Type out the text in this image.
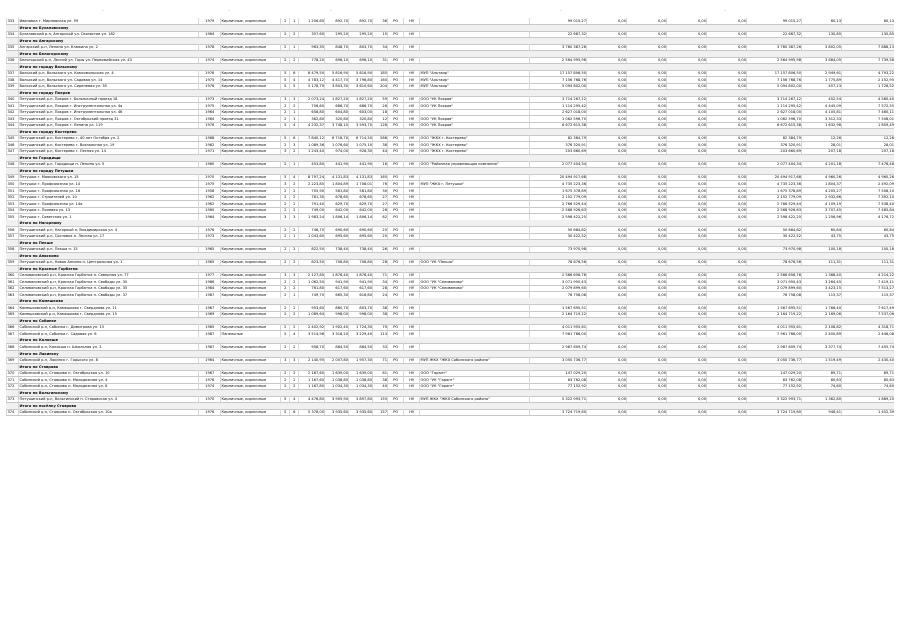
.	.	.	.	.
333	Ивановка г. Мирновская ул. 59	1979	Кирпичные, кирпичные	2	1	1 256,80	892,70	892,70	36	РО	НУ	99 015,27	0,00	0,00	0,00	0,00	99 015,27	60,13	60,13
Итого по Бухаловскому
334	Бухаловский р-н, Ангарской ул. Связистов ул. 182	1964	Кирпичные, кирпичные	2	2	357,60	295,20	295,20	15	РО	НУ	22 687,32	0,00	0,00	0,00	0,00	22 687,32	130,85	130,85
Итого по Ангарскому
335	Ангарский р-н, Ленина ул. Клюкина ул. 2	1978	Кирпичные, кирпичные	2	1	963,35	848,70	803,70	34	РО	НУ	3 760 387,26	0,00	0,00	0,00	0,00	3 760 387,26	3 802,05	7 888,13
Итого по Белогорскому
336	Белогорский р-н, Лесной ул. Горы ул. Первомайская ул. 43	1974	Кирпичные, кирпичные	2	2	778,20	696,10	696,10	31	РО	НУ	2 564 995,98	0,00	0,00	0,00	0,00	2 564 995,98	3 684,05	7 739,58
Итого по городу Вольскому
337	Вольский р-н, Вольского ул. Комсомольская ул. 4	1976	Кирпичные, кирпичные	5	6	6 479,50	5 816,90	5 816,90	185	РО	НУ	МУП "Альтаир"	17 157 806,50	0,00	0,00	0,00	0,00	17 157 806,50	2 949,61	4 793,22
338	Вольский р-н, Вольского ул. Садовая ул. 14	1975	Кирпичные, кирпичные	5	4	4 783,12	4 417,70	3 796,80	160	РО	НУ	МУП "Альтаир"	7 156 768,76	0,00	0,00	0,00	0,00	7 156 768,76	1 775,89	2 152,95
339	Вольский р-н, Вольского ул. Сиреневая ул. 35	1976	Кирпичные, кирпичные	5	5	5 178,79	3 803,30	3 610,60	204	РО	НУ	МУП "Альтаир"	5 094 802,00	0,00	0,00	0,00	0,00	5 094 802,00	457,13	1 728,52
Итого по городу Покров
340	Петушинский р-н, Покров г. Больничный проезд 18	1973	Кирпичные, кирпичные	3	3	2 073,24	1 827,20	1 827,20	59	РО	НУ	ООО "УК Покров"	3 714 267,12	0,00	0,00	0,00	0,00	3 714 267,12	452,54	4 560,40
341	Петушинский р-н, Покров г. Инструментальная ул. 4а	1975	Кирпичные, кирпичные	2	2	756,60	686,70	686,70	26	РО	НУ	ООО "УК Покров"	1 114 295,42	0,00	0,00	0,00	0,00	1 114 295,42	4 445,09	7 572,55
342	Петушинский р-н, Покров г. Инструментальная ул. 4б	1964	Кирпичные, кирпичные	2	1	658,80	604,80	603,00	18	РО	НУ	2 627 018,00	0,00	0,00	0,00	0,00	2 627 018,00	4 105,81	7 460,11
343	Петушинский р-н, Покров г. Октябрьский проезд 31	1964	Кирпичные, кирпичные	2	1	362,80	320,80	320,80	12	РО	НУ	ООО "УК Покров"	1 062 596,70	0,00	0,00	0,00	0,00	1 062 596,70	3 312,33	7 508,01
344	Петушинский р-н, Покров г. Ленина ул. 119	1976	Кирпичные, кирпичные	5	4	4 232,37	3 748,10	3 593,70	128	РО	НУ	ООО "УК Покров"	6 672 615,38	0,00	0,00	0,00	0,00	6 672 615,38	1 632,98	1 859,49
Итого по городу Костерево
345	Петушинский р-н, Костерево г. 40 лет Октября ул. 2	1968	Кирпичные, кирпичные	5	6	7 840,12	6 718,70	6 714,50	286	РО	НУ	ООО "ЖКХ г. Костерево"	82 384,79	0,00	0,00	0,00	0,00	82 384,79	12,26	12,26
346	Петушинский р-н, Костерево г. Вокзальная ул. 19	1962	Кирпичные, кирпичные	2	3	1 089,36	1 076,60	1 075,10	38	РО	НУ	ООО "ЖКХ г. Костерево"	376 320,91	0,00	0,00	0,00	0,00	376 320,91	28,01	28,01
347	Петушинский р-н, Костерево г. Лесная ул. 14	1971	Кирпичные, кирпичные	3	2	1 243,40	974,00	926,30	44	РО	НУ	ООО "ЖКХ г. Костерево"	203 660,69	0,00	0,00	0,00	0,00	203 660,69	207,18	207,18
Итого по Городищи
348	Петушинский р-н, Городищи п. Ленина ул. 5	1960	Кирпичные, кирпичные	2	1	453,80	441,90	441,90	16	РО	НУ	ООО "Районная управляющая компания"	2 077 404,34	0,00	0,00	0,00	0,00	2 077 404,34	4 201,18	7 476,48
Итого по городу Петушки
349	Петушки г. Маяковского ул. 15	1970	Кирпичные, кирпичные	5	4	8 797,24	4 131,83	4 131,83	165	РО	НУ	20 494 917,68	0,00	0,00	0,00	0,00	20 494 917,68	4 960,26	4 960,26
350	Петушки г. Профсоюзная ул. 10	1975	Кирпичные, кирпичные	3	2	2 223,85	1 804,89	1 708,01	76	РО	НУ	МУП "ЖКХ г. Петушки"	4 735 223,36	0,00	0,00	0,00	0,00	4 735 223,36	1 804,37	2 492,09
351	Петушки г. Профсоюзная ул. 16	1958	Кирпичные, кирпичные	2	2	705,90	581,80	581,80	30	РО	НУ	1 675 378,89	0,00	0,00	0,00	0,00	1 675 378,89	4 205,27	7 508,10
352	Петушки г. Строителей ул. 10	1962	Кирпичные, кирпичные	2	2	781,30	678,60	678,60	27	РО	НУ	2 152 779,09	0,00	0,00	0,00	0,00	2 152 779,09	2 932,66	7 392,10
353	Петушки г. Профсоюзная ул. 14а	1962	Кирпичные, кирпичные	2	2	791,40	629,70	629,70	27	РО	НУ	2 766 529,44	0,00	0,00	0,00	0,00	2 766 529,44	4 109,19	7 538,40
354	Петушки г. Полевая ул. 13	1960	Кирпичные, кирпичные	2	2	749,00	642,00	642,00	28	РО	НУ	2 568 926,63	0,00	0,00	0,00	0,00	2 568 926,63	3 707,45	7 485,84
355	Петушки г. Советская ул. 1	1964	Кирпичные, кирпичные	3	3	1 983,24	1 806,14	1 806,14	62	РО	НУ	2 598 422,25	0,00	0,00	0,00	0,00	2 598 422,25	1 256,96	4 176,72
Итого по Нагорному
356	Петушинский р-н, Нагорный п. Владимирская ул. 4	1976	Кирпичные, кирпичные	2	2	746,70	690,60	690,60	25	РО	НУ	50 684,82	0,00	0,00	0,00	0,00	50 684,82	60,84	60,84
357	Петушинский р-н, Сосновка п. Лесная ул. 17	1973	Кирпичные, кирпичные	2	1	1 043,60	695,60	695,60	20	РО	НУ	30 422,52	0,00	0,00	0,00	0,00	30 422,52	43,75	43,75
Итого по Пекше
358	Петушинский р-н, Пекша п. 15	1965	Кирпичные, кирпичные	2	2	822,50	738,40	738,40	26	РО	НУ	73 970,98	0,00	0,00	0,00	0,00	73 970,98	100,18	100,18
Итого по Анискино
359	Петушинский р-н, Новое Аннино п. Центральная ул. 1	1965	Кирпичные, кирпичные	2	2	823,50	706,80	706,80	28	РО	НУ	ООО "УК "Пекша"	78 676,56	0,00	0,00	0,00	0,00	78 676,56	111,31	111,31
Итого по Красные Горбатки
360	Селивановский р-н, Красная Горбатка п. Северная ул. 77	1977	Кирпичные, кирпичные	3	3	2 127,80	1 876,40	1 876,40	71	РО	НУ	2 566 656,76	0,00	0,00	0,00	0,00	2 566 656,76	1 368,40	4 214,22
361	Селивановский р-н, Красная Горбатка п. Свободы ул. 30	1986	Кирпичные, кирпичные	2	2	1 062,50	941,90	941,90	34	РО	НУ	ООО "УК "Селиваново"	3 071 950,43	0,00	0,00	0,00	0,00	3 071 950,43	3 264,45	7 419,11
362	Селивановский р-н, Красная Горбатка п. Свободы ул. 35	1984	Кирпичные, кирпичные	2	2	761,80	617,60	617,60	28	РО	НУ	ООО "УК "Селиваново"	2 079 899,60	0,00	0,00	0,00	0,00	2 079 899,60	3 423,15	7 513,27
363	Селивановский р-н, Красная Горбатка п. Свободы ул. 37	1987	Кирпичные, кирпичные	2	1	749,70	665,30	616,80	24	РО	НУ	76 758,08	0,00	0,00	0,00	0,00	76 758,08	115,37	115,37
Итого по Камешково
364	Камешковский р-н, Камешково г. Свердлова ул. 11	1967	Кирпичные, кирпичные	2	2	953,60	860,70	803,70	38	РО	НУ	1 567 695,51	0,00	0,00	0,00	0,00	1 567 695,51	1 766,40	7 617,49
365	Камешковский р-н, Камешково г. Свердлова ул. 15	1969	Кирпичные, кирпичные	2	2	1 089,64	998,00	998,00	38	РО	НУ	2 164 719,22	0,00	0,00	0,00	0,00	2 164 719,22	2 169,06	7 537,06
Итого по Собинке
366	Собинский р-н, Собинка г. Димитрова ул. 15	1965	Кирпичные, кирпичные	2	2	2 402,92	1 902,40	1 724,30	70	РО	НУ	4 011 955,61	0,00	0,00	0,00	0,00	4 011 955,61	2 108,82	4 318,71
367	Собинский р-н, Собинка г. Садовая ул. 6	1987	Панельные	5	4	3 514,96	3 316,20	3 229,40	113	РО	НУ	7 961 768,00	0,00	0,00	0,00	0,00	7 961 768,00	2 400,89	2 446,08
Итого по Колокше
368	Собинский р-н, Колокша п. Школьная ул. 3	1987	Кирпичные, кирпичные	2	2	958,70	884,50	884,50	33	РО	НУ	2 987 609,74	0,00	0,00	0,00	0,00	2 987 609,74	3 377,74	7 455,74
Итого по Лакинску
369	Собинский р-н, Лакинск г. Горького ул. 8	1964	Кирпичные, кирпичные	3	3	2 140,95	2 007,80	1 957,30	71	РО	НУ	МУП ЖКХ "ЖКХ Собинского района"	3 050 736,77	0,00	0,00	0,00	0,00	3 050 736,77	1 519,49	2 430,40
Итого по Ставрово
370	Собинский р-н, Ставрово п. Октябрьская ул. 10	1967	Кирпичные, кирпичные	2	2	2 187,60	1 639,00	1 639,00	61	РО	НУ	ООО "Гарант"	147 029,20	0,00	0,00	0,00	0,00	147 029,20	89,71	89,71
371	Собинский р-н, Ставрово п. Молодежная ул. 4	1976	Кирпичные, кирпичные	2	2	1 167,60	1 038,80	1 038,80	38	РО	НУ	ООО "УК "Гарант"	83 762,08	0,00	0,00	0,00	0,00	83 762,08	80,63	80,63
372	Собинский р-н, Ставрово п. Молодежная ул. 6	1974	Кирпичные, кирпичные	2	2	1 167,80	1 034,30	1 034,30	40	РО	НУ	ООО "УК "Гарант"	77 152,92	0,00	0,00	0,00	0,00	77 152,92	74,60	74,60
Итого по Вольгинскому
373	Петушинский р-н, Вольгинский п. Старовская ул. 4	1970	Кирпичные, кирпичные	5	4	4 476,80	3 905,90	3 897,80	155	РО	НУ	МУП ЖКХ "ЖКХ Собинского района"	5 322 993,71	0,00	0,00	0,00	0,00	5 322 993,71	1 362,80	1 889,20
Итого по посёлку Ставрово
374	Собинский р-н, Ставрово п. Октябрьская ул. 10а	1976	Кирпичные, кирпичные	5	6	5 378,00	3 935,60	3 935,60	157	РО	НУ	3 724 719,60	0,00	0,00	0,00	0,00	3 724 719,60	946,41	1 452,39
